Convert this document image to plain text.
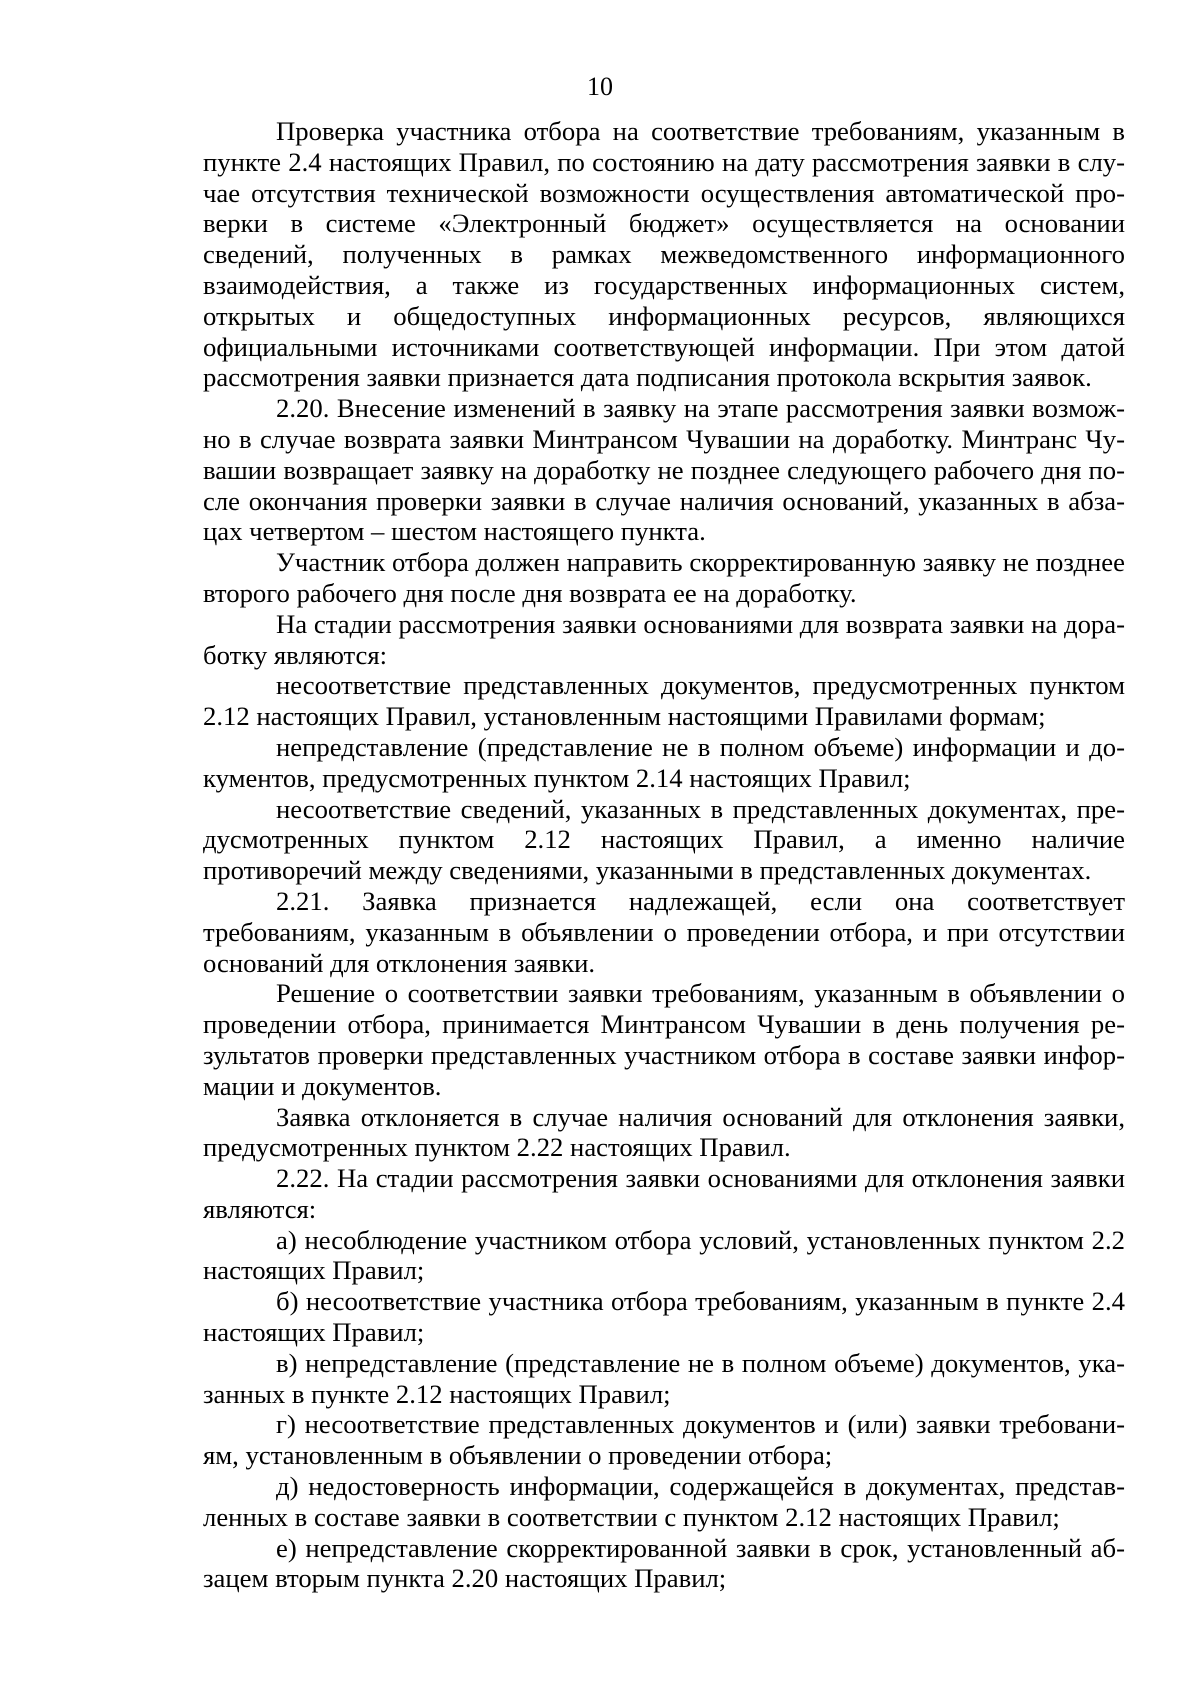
10

Проверка участника отбора на соответствие требованиям, указанным в пункте 2.4 настоящих Правил, по состоянию на дату рассмотрения заявки в случае отсутствия технической возможности осуществления автоматической проверки в системе «Электронный бюджет» осуществляется на основании сведений, полученных в рамках межведомственного информационного взаимодействия, а также из государственных информационных систем, открытых и общедоступных информационных ресурсов, являющихся официальными источниками соответствующей информации. При этом датой рассмотрения заявки признается дата подписания протокола вскрытия заявок.

2.20. Внесение изменений в заявку на этапе рассмотрения заявки возможно в случае возврата заявки Минтрансом Чувашии на доработку. Минтранс Чувашии возвращает заявку на доработку не позднее следующего рабочего дня после окончания проверки заявки в случае наличия оснований, указанных в абзацах четвертом – шестом настоящего пункта.

Участник отбора должен направить скорректированную заявку не позднее второго рабочего дня после дня возврата ее на доработку.

На стадии рассмотрения заявки основаниями для возврата заявки на доработку являются:

несоответствие представленных документов, предусмотренных пунктом 2.12 настоящих Правил, установленным настоящими Правилами формам;

непредставление (представление не в полном объеме) информации и документов, предусмотренных пунктом 2.14 настоящих Правил;

несоответствие сведений, указанных в представленных документах, предусмотренных пунктом 2.12 настоящих Правил, а именно наличие противоречий между сведениями, указанными в представленных документах.

2.21. Заявка признается надлежащей, если она соответствует требованиям, указанным в объявлении о проведении отбора, и при отсутствии оснований для отклонения заявки.

Решение о соответствии заявки требованиям, указанным в объявлении о проведении отбора, принимается Минтрансом Чувашии в день получения результатов проверки представленных участником отбора в составе заявки информации и документов.

Заявка отклоняется в случае наличия оснований для отклонения заявки, предусмотренных пунктом 2.22 настоящих Правил.

2.22. На стадии рассмотрения заявки основаниями для отклонения заявки являются:

а) несоблюдение участником отбора условий, установленных пунктом 2.2 настоящих Правил;

б) несоответствие участника отбора требованиям, указанным в пункте 2.4 настоящих Правил;

в) непредставление (представление не в полном объеме) документов, указанных в пункте 2.12 настоящих Правил;

г) несоответствие представленных документов и (или) заявки требованиям, установленным в объявлении о проведении отбора;

д) недостоверность информации, содержащейся в документах, представленных в составе заявки в соответствии с пунктом 2.12 настоящих Правил;

е) непредставление скорректированной заявки в срок, установленный абзацем вторым пункта 2.20 настоящих Правил;
